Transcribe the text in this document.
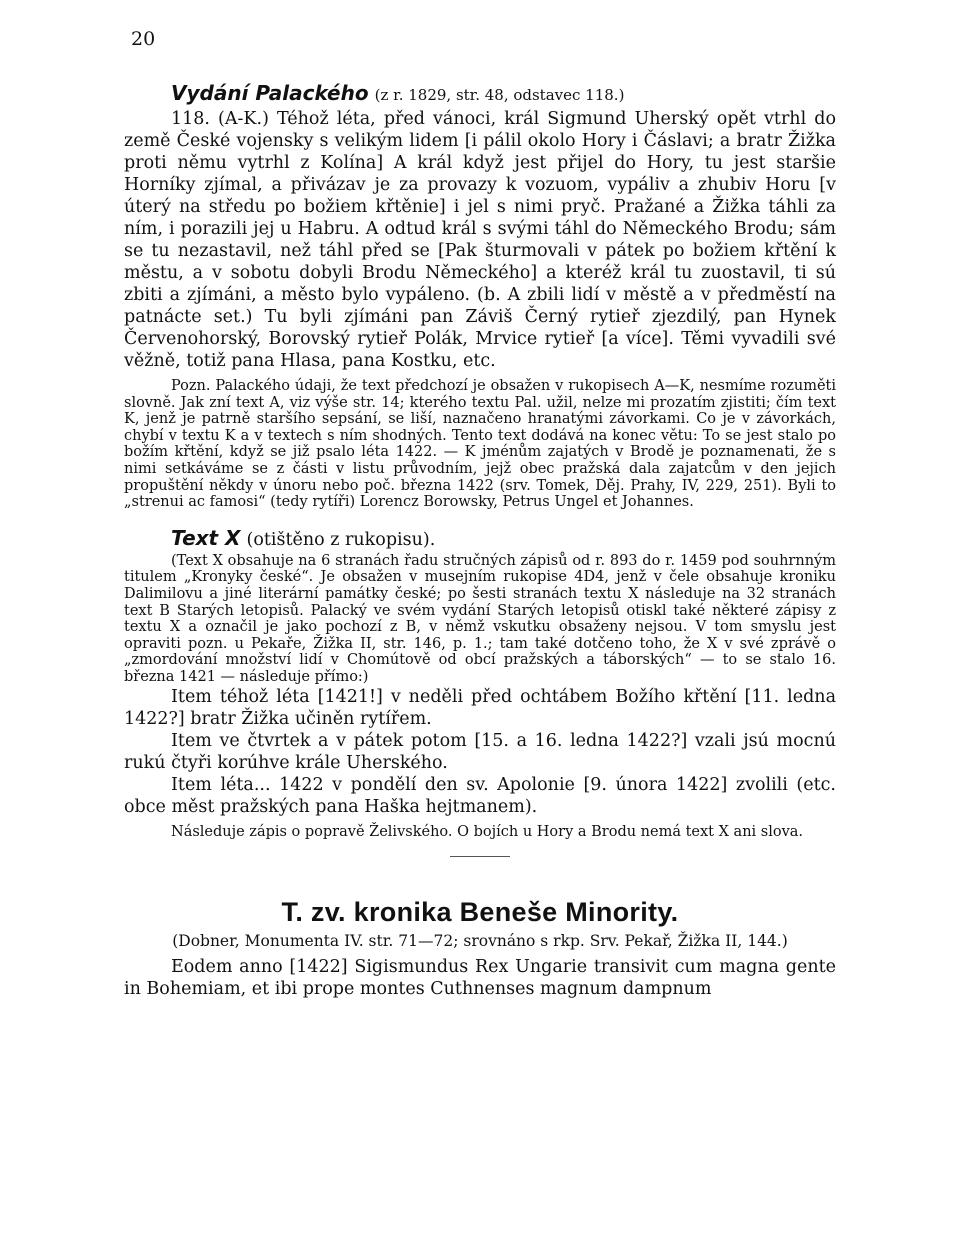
20

Vydání Palackého (z r. 1829, str. 48, odstavec 118.)

118. (A-K.) Téhož léta, před vánoci, král Sigmund Uherský opět vtrhl do země České vojensky s velikým lidem [i pálil okolo Hory i Čáslavi; a bratr Žižka proti němu vytrhl z Kolína] A král když jest přijel do Hory, tu jest staršie Horníky zjímal, a přivázav je za provazy k vozuom, vypáliv a zhubiv Horu [v úterý na středu po božiem křtěnie] i jel s nimi pryč. Pražané a Žižka táhli za ním, i porazili jej u Habru. A odtud král s svými táhl do Německého Brodu; sám se tu nezastavil, než táhl před se [Pak šturmovali v pátek po božiem křtění k městu, a v sobotu dobyli Brodu Německého] a kteréž král tu zuostavil, ti sú zbiti a zjímáni, a město bylo vypáleno. (b. A zbili lidí v městě a v předměstí na patnácte set.) Tu byli zjímáni pan Záviš Černý rytieř zjezdilý, pan Hynek Červenohorský, Borovský rytieř Polák, Mrvice rytieř [a více]. Těmi vyvadili své věžně, totiž pana Hlasa, pana Kostku, etc.

Pozn. Palackého údaji, že text předchozí je obsažen v rukopisech A—K, nesmíme rozuměti slovně. Jak zní text A, viz výše str. 14; kterého textu Pal. užil, nelze mi prozatím zjistiti; čím text K, jenž je patrně staršího sepsání, se liší, naznačeno hranatými závorkami. Co je v závorkách, chybí v textu K a v textech s ním shodných. Tento text dodává na konec větu: To se jest stalo po božím křtění, když se již psalo léta 1422. — K jménům zajatých v Brodě je poznamenati, že s nimi setkáváme se z části v listu průvodním, jejž obec pražská dala zajatcům v den jejich propuštění někdy v únoru nebo poč. března 1422 (srv. Tomek, Děj. Prahy, IV, 229, 251). Byli to „strenui ac famosi“ (tedy rytíři) Lorencz Borowsky, Petrus Ungel et Johannes.

Text X (otištěno z rukopisu).

(Text X obsahuje na 6 stranách řadu stručných zápisů od r. 893 do r. 1459 pod souhrnným titulem „Kronyky české“. Je obsažen v musejním rukopise 4D4, jenž v čele obsahuje kroniku Dalimilovu a jiné literární památky české; po šesti stranách textu X následuje na 32 stranách text B Starých letopisů. Palacký ve svém vydání Starých letopisů otiskl také některé zápisy z textu X a označil je jako pochozí z B, v němž vskutku obsaženy nejsou. V tom smyslu jest opraviti pozn. u Pekaře, Žižka II, str. 146, p. 1.; tam také dotčeno toho, že X v své zprávě o „zmordování množství lidí v Chomútově od obcí pražských a táborských“ — to se stalo 16. března 1421 — následuje přímo:)

Item téhož léta [1421!] v neděli před ochtábem Božího křtění [11. ledna 1422?] bratr Žižka učiněn rytířem.

Item ve čtvrtek a v pátek potom [15. a 16. ledna 1422?] vzali jsú mocnú rukú čtyři korúhve krále Uherského.

Item léta... 1422 v pondělí den sv. Apolonie [9. února 1422] zvolili (etc. obce měst pražských pana Haška hejtmanem).

Následuje zápis o popravě Želivského. O bojích u Hory a Brodu nemá text X ani slova.

T. zv. kronika Beneše Minority.

(Dobner, Monumenta IV. str. 71—72; srovnáno s rkp. Srv. Pekař, Žižka II, 144.)

Eodem anno [1422] Sigismundus Rex Ungarie transivit cum magna gente in Bohemiam, et ibi prope montes Cuthnenses magnum dampnum
